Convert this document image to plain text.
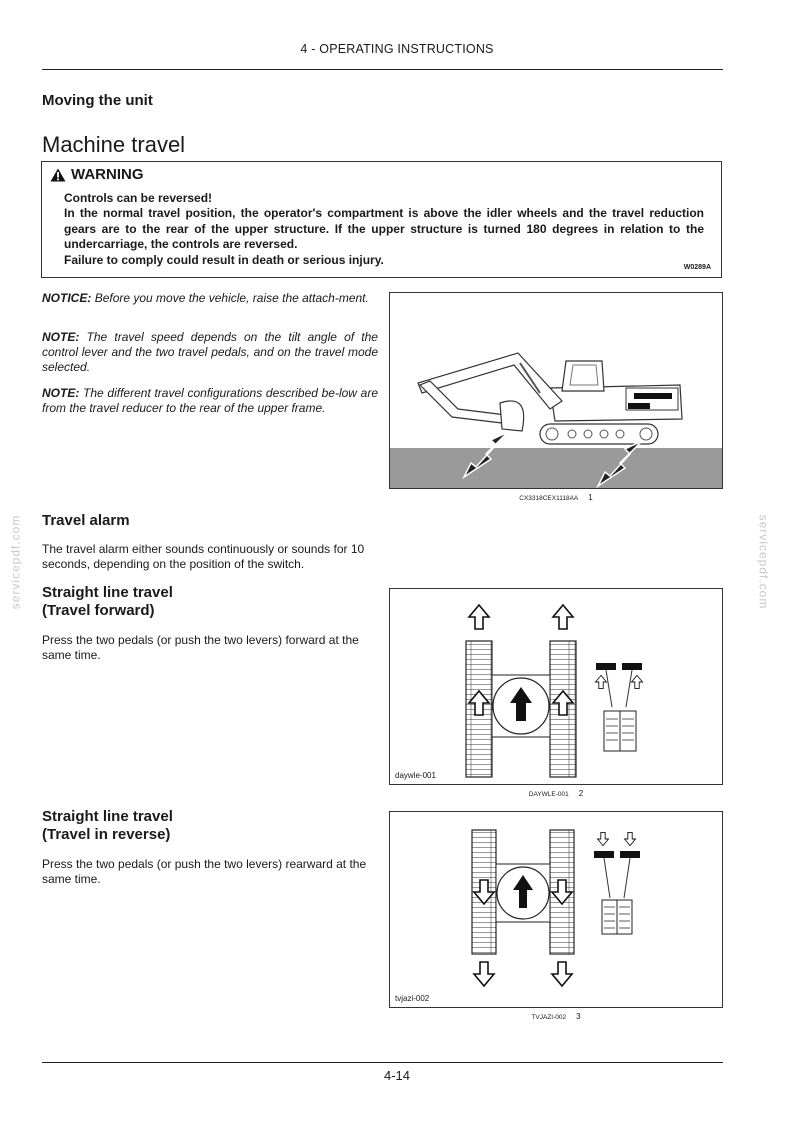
4 - OPERATING INSTRUCTIONS
Moving the unit
Machine travel
WARNING

Controls can be reversed!

In the normal travel position, the operator's compartment is above the idler wheels and the travel reduction gears are to the rear of the upper structure. If the upper structure is turned 180 degrees in relation to the undercarriage, the controls are reversed.

Failure to comply could result in death or serious injury.

W0289A
NOTICE: Before you move the vehicle, raise the attach-ment.
NOTE: The travel speed depends on the tilt angle of the control lever and the two travel pedals, and on the travel mode selected.
NOTE: The different travel configurations described be-low are from the travel reducer to the rear of the upper frame.
CX3318CEX1118AA 1
Travel alarm
The travel alarm either sounds continuously or sounds for 10 seconds, depending on the position of the switch.
Straight line travel
(Travel forward)
Press the two pedals (or push the two levers) forward at the same time.
daywle-001
DAYWLE-001 2
Straight line travel
(Travel in reverse)
Press the two pedals (or push the two levers) rearward at the same time.
tvjazi-002
TVJAZI-002 3
servicepdf.com	servicepdf.com
4-14
